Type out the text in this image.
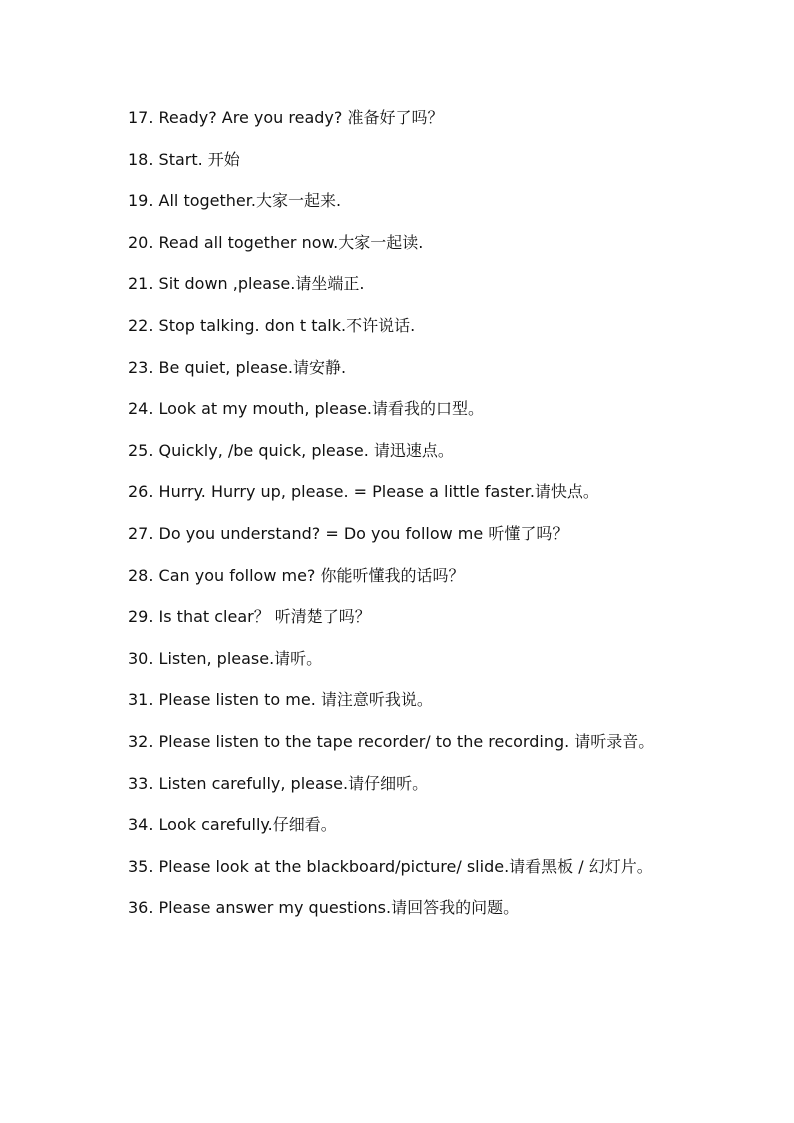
17. Ready? Are you ready? 准备好了吗？

18. Start. 开始

19. All together.大家一起来.

20. Read all together now.大家一起读.

21. Sit down ,please.请坐端正.

22. Stop talking. don t talk.不许说话.

23. Be quiet, please.请安静.

24. Look at my mouth, please.请看我的口型。

25. Quickly, /be quick, please. 请迅速点。

26. Hurry. Hurry up, please. = Please a little faster.请快点。

27. Do you understand? = Do you follow me 听懂了吗？

28. Can you follow me? 你能听懂我的话吗？

29. Is that clear？ 听清楚了吗？

30. Listen, please.请听。

31. Please listen to me. 请注意听我说。

32. Please listen to the tape recorder/ to the recording. 请听录音。

33. Listen carefully, please.请仔细听。

34. Look carefully.仔细看。

35. Please look at the blackboard/picture/ slide.请看黑板 / 幻灯片。

36. Please answer my questions.请回答我的问题。
